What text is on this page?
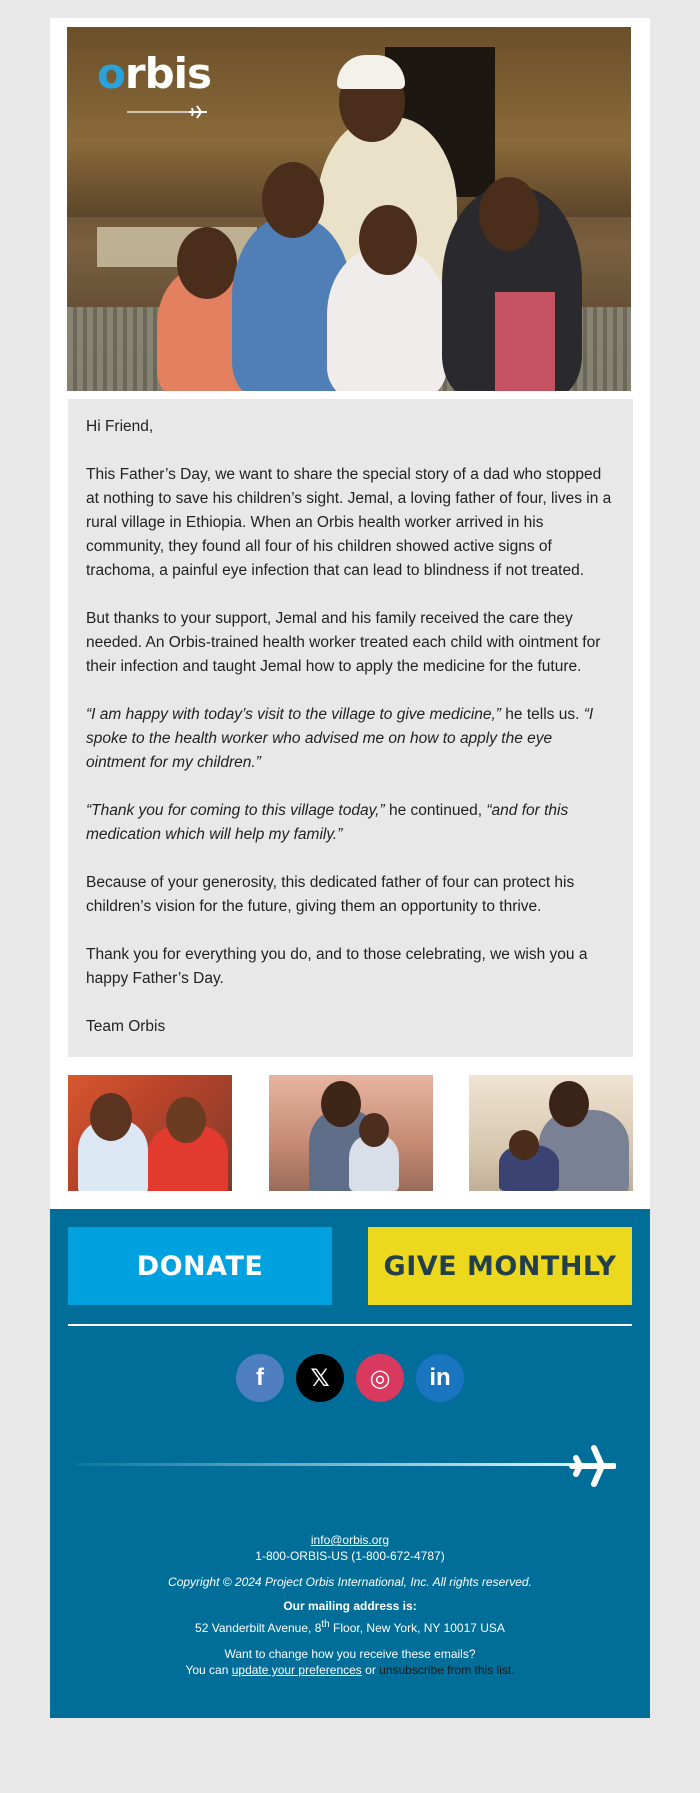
orbis

Hi Friend,

This Father’s Day, we want to share the special story of a dad who stopped at nothing to save his children’s sight. Jemal, a loving father of four, lives in a rural village in Ethiopia. When an Orbis health worker arrived in his community, they found all four of his children showed active signs of trachoma, a painful eye infection that can lead to blindness if not treated.

But thanks to your support, Jemal and his family received the care they needed. An Orbis-trained health worker treated each child with ointment for their infection and taught Jemal how to apply the medicine for the future.

“I am happy with today’s visit to the village to give medicine,” he tells us. “I spoke to the health worker who advised me on how to apply the eye ointment for my children.”

“Thank you for coming to this village today,” he continued, “and for this medication which will help my family.”

Because of your generosity, this dedicated father of four can protect his children’s vision for the future, giving them an opportunity to thrive.

Thank you for everything you do, and to those celebrating, we wish you a happy Father’s Day.

Team Orbis

DONATE	GIVE MONTHLY
f	𝕏	◎	in
info@orbis.org
1-800-ORBIS-US (1-800-672-4787)
Copyright © 2024 Project Orbis International, Inc. All rights reserved.
Our mailing address is:
52 Vanderbilt Avenue, 8th Floor, New York, NY 10017 USA
Want to change how you receive these emails?
You can update your preferences or unsubscribe from this list.
